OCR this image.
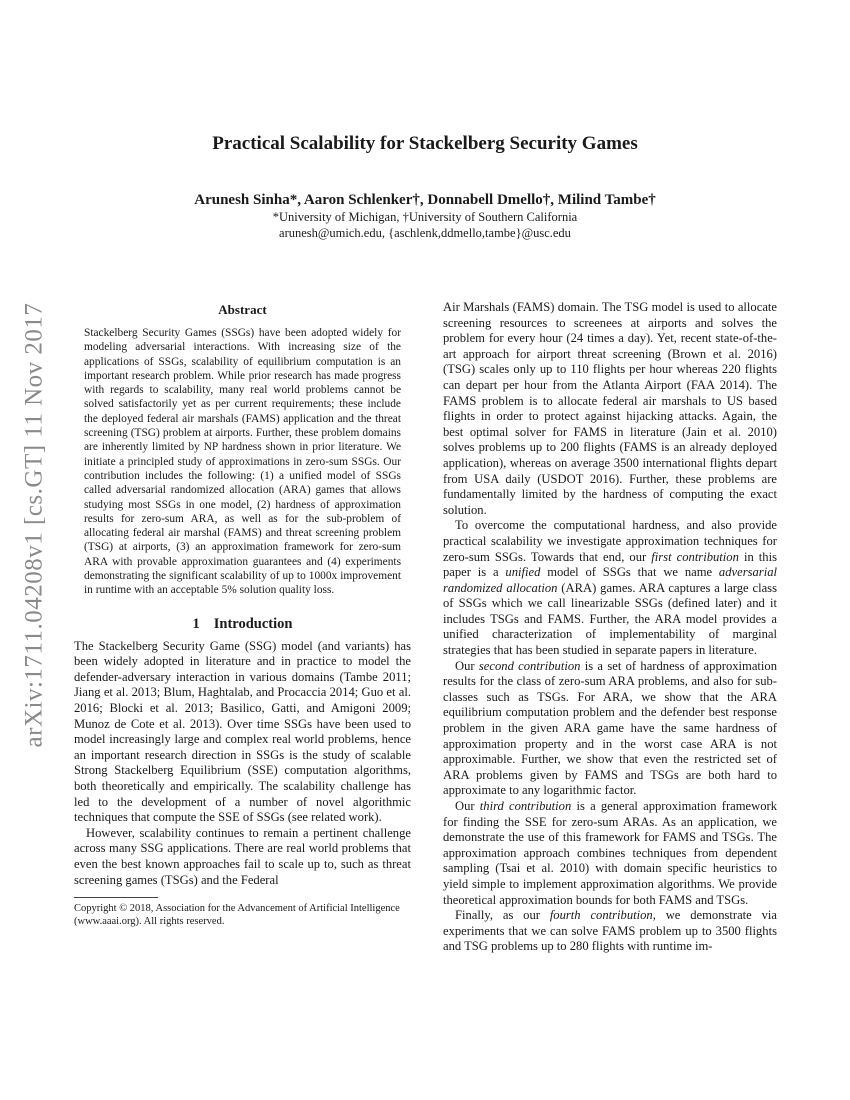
arXiv:1711.04208v1 [cs.GT] 11 Nov 2017
Practical Scalability for Stackelberg Security Games
Arunesh Sinha*, Aaron Schlenker†, Donnabell Dmello†, Milind Tambe†
*University of Michigan, †University of Southern California
arunesh@umich.edu, {aschlenk,ddmello,tambe}@usc.edu
Abstract

Stackelberg Security Games (SSGs) have been adopted widely for modeling adversarial interactions. With increasing size of the applications of SSGs, scalability of equilibrium computation is an important research problem. While prior research has made progress with regards to scalability, many real world problems cannot be solved satisfactorily yet as per current requirements; these include the deployed federal air marshals (FAMS) application and the threat screening (TSG) problem at airports. Further, these problem domains are inherently limited by NP hardness shown in prior literature. We initiate a principled study of approximations in zero-sum SSGs. Our contribution includes the following: (1) a unified model of SSGs called adversarial randomized allocation (ARA) games that allows studying most SSGs in one model, (2) hardness of approximation results for zero-sum ARA, as well as for the sub-problem of allocating federal air marshal (FAMS) and threat screening problem (TSG) at airports, (3) an approximation framework for zero-sum ARA with provable approximation guarantees and (4) experiments demonstrating the significant scalability of up to 1000x improvement in runtime with an acceptable 5% solution quality loss.

1 Introduction

The Stackelberg Security Game (SSG) model (and variants) has been widely adopted in literature and in practice to model the defender-adversary interaction in various domains (Tambe 2011; Jiang et al. 2013; Blum, Haghtalab, and Procaccia 2014; Guo et al. 2016; Blocki et al. 2013; Basilico, Gatti, and Amigoni 2009; Munoz de Cote et al. 2013). Over time SSGs have been used to model increasingly large and complex real world problems, hence an important research direction in SSGs is the study of scalable Strong Stackelberg Equilibrium (SSE) computation algorithms, both theoretically and empirically. The scalability challenge has led to the development of a number of novel algorithmic techniques that compute the SSE of SSGs (see related work).

However, scalability continues to remain a pertinent challenge across many SSG applications. There are real world problems that even the best known approaches fail to scale up to, such as threat screening games (TSGs) and the Federal

Copyright © 2018, Association for the Advancement of Artificial Intelligence (www.aaai.org). All rights reserved.

Air Marshals (FAMS) domain. The TSG model is used to allocate screening resources to screenees at airports and solves the problem for every hour (24 times a day). Yet, recent state-of-the-art approach for airport threat screening (Brown et al. 2016) (TSG) scales only up to 110 flights per hour whereas 220 flights can depart per hour from the Atlanta Airport (FAA 2014). The FAMS problem is to allocate federal air marshals to US based flights in order to protect against hijacking attacks. Again, the best optimal solver for FAMS in literature (Jain et al. 2010) solves problems up to 200 flights (FAMS is an already deployed application), whereas on average 3500 international flights depart from USA daily (USDOT 2016). Further, these problems are fundamentally limited by the hardness of computing the exact solution.

To overcome the computational hardness, and also provide practical scalability we investigate approximation techniques for zero-sum SSGs. Towards that end, our first contribution in this paper is a unified model of SSGs that we name adversarial randomized allocation (ARA) games. ARA captures a large class of SSGs which we call linearizable SSGs (defined later) and it includes TSGs and FAMS. Further, the ARA model provides a unified characterization of implementability of marginal strategies that has been studied in separate papers in literature.

Our second contribution is a set of hardness of approximation results for the class of zero-sum ARA problems, and also for sub-classes such as TSGs. For ARA, we show that the ARA equilibrium computation problem and the defender best response problem in the given ARA game have the same hardness of approximation property and in the worst case ARA is not approximable. Further, we show that even the restricted set of ARA problems given by FAMS and TSGs are both hard to approximate to any logarithmic factor.

Our third contribution is a general approximation framework for finding the SSE for zero-sum ARAs. As an application, we demonstrate the use of this framework for FAMS and TSGs. The approximation approach combines techniques from dependent sampling (Tsai et al. 2010) with domain specific heuristics to yield simple to implement approximation algorithms. We provide theoretical approximation bounds for both FAMS and TSGs.

Finally, as our fourth contribution, we demonstrate via experiments that we can solve FAMS problem up to 3500 flights and TSG problems up to 280 flights with runtime im-
